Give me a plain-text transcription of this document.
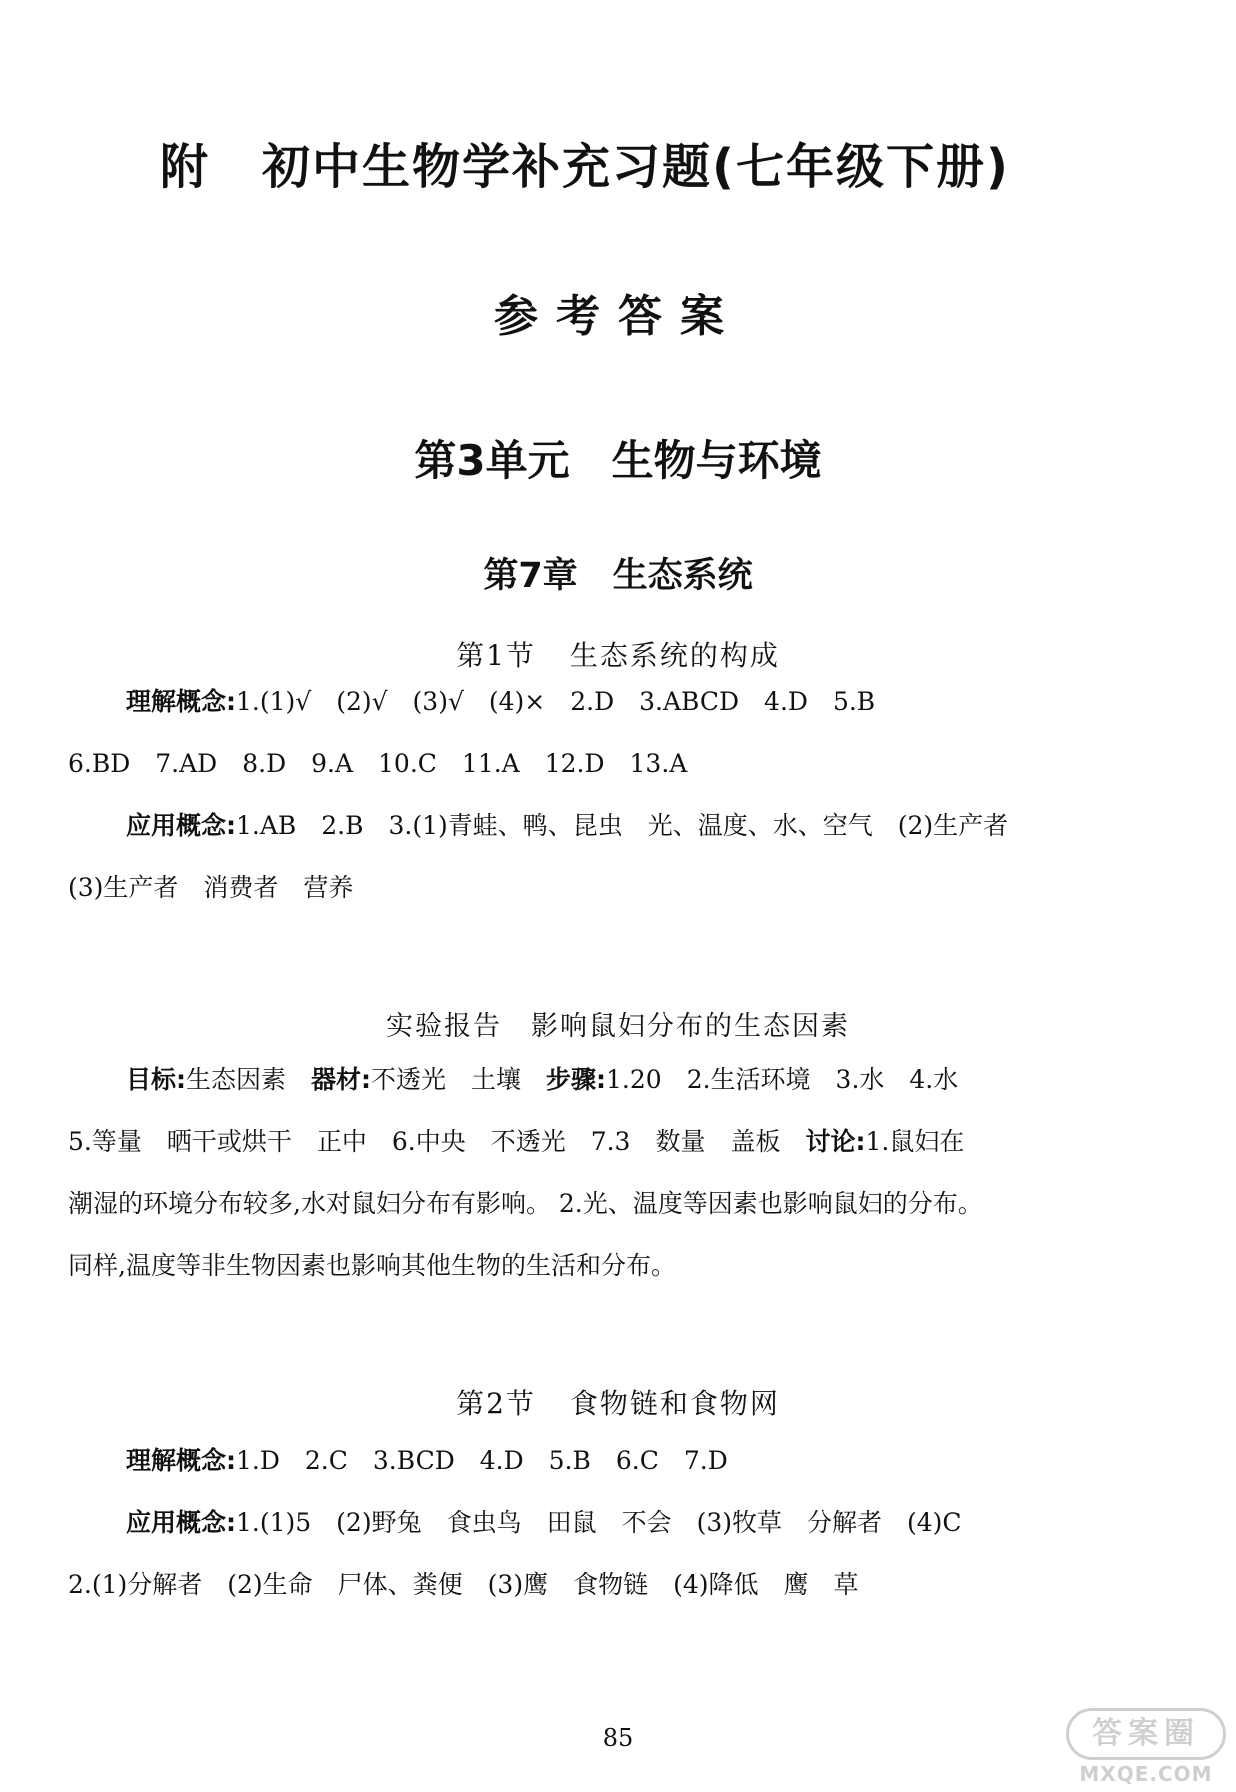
附 初中生物学补充习题(七年级下册)
参考答案
第3单元　生物与环境
第7章　生态系统
第1节 生态系统的构成
理解概念:1.(1)√　(2)√　(3)√　(4)×　2.D　3.ABCD　4.D　5.B
6.BD　7.AD　8.D　9.A　10.C　11.A　12.D　13.A
应用概念:1.AB　2.B　3.(1)青蛙、鸭、昆虫　光、温度、水、空气　(2)生产者
(3)生产者　消费者　营养
实验报告　影响鼠妇分布的生态因素
目标:生态因素　器材:不透光　土壤　步骤:1.20　2.生活环境　3.水　4.水
5.等量　晒干或烘干　正中　6.中央　不透光　7.3　数量　盖板　讨论:1.鼠妇在
潮湿的环境分布较多,水对鼠妇分布有影响。 2.光、温度等因素也影响鼠妇的分布。
同样,温度等非生物因素也影响其他生物的生活和分布。
第2节 食物链和食物网
理解概念:1.D　2.C　3.BCD　4.D　5.B　6.C　7.D
应用概念:1.(1)5　(2)野兔　食虫鸟　田鼠　不会　(3)牧草　分解者　(4)C
2.(1)分解者　(2)生命　尸体、粪便　(3)鹰　食物链　(4)降低　鹰　草
85	答案圈
MXQE.COM
